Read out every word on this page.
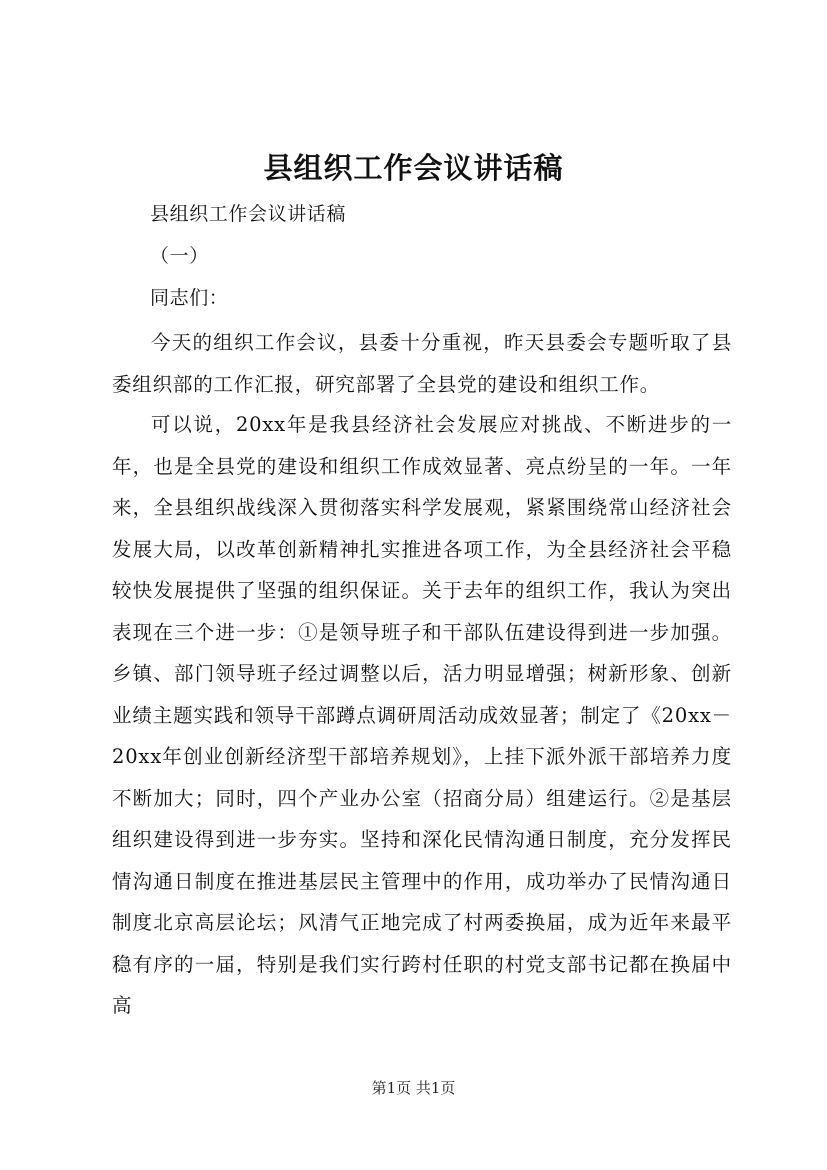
县组织工作会议讲话稿
县组织工作会议讲话稿
（一）
同志们：

今天的组织工作会议，县委十分重视，昨天县委会专题听取了县委组织部的工作汇报，研究部署了全县党的建设和组织工作。

可以说，20xx年是我县经济社会发展应对挑战、不断进步的一年，也是全县党的建设和组织工作成效显著、亮点纷呈的一年。一年来，全县组织战线深入贯彻落实科学发展观，紧紧围绕常山经济社会发展大局，以改革创新精神扎实推进各项工作，为全县经济社会平稳较快发展提供了坚强的组织保证。关于去年的组织工作，我认为突出表现在三个进一步：①是领导班子和干部队伍建设得到进一步加强。乡镇、部门领导班子经过调整以后，活力明显增强；树新形象、创新业绩主题实践和领导干部蹲点调研周活动成效显著；制定了《20xx－20xx年创业创新经济型干部培养规划》，上挂下派外派干部培养力度不断加大；同时，四个产业办公室（招商分局）组建运行。②是基层组织建设得到进一步夯实。坚持和深化民情沟通日制度，充分发挥民情沟通日制度在推进基层民主管理中的作用，成功举办了民情沟通日制度北京高层论坛；风清气正地完成了村两委换届，成为近年来最平稳有序的一届，特别是我们实行跨村任职的村党支部书记都在换届中高

第1页 共1页
